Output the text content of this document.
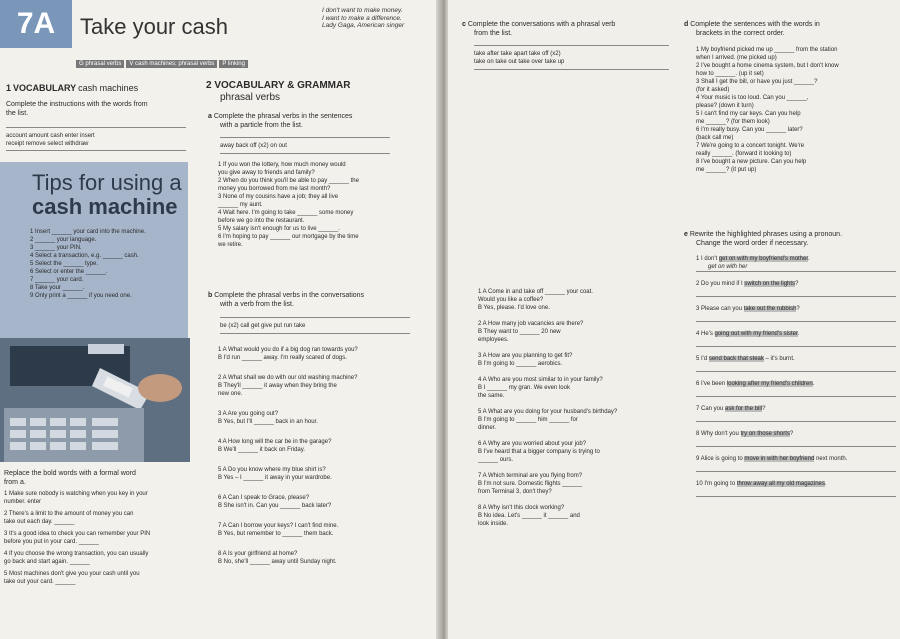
7A	Take your cash
I don't want to make money.
I want to make a difference.
Lady Gaga, American singer
G phrasal verbs V cash machines; phrasal verbs P linking
1 VOCABULARY cash machines
Complete the instructions with the words from
the list.
account amount cash enter insert
receipt remove select withdraw
Tips for using a
cash machine
1 Insert ______ your card into the machine.
2 ______ your language.
3 ______ your PIN.
4 Select a transaction, e.g. ______ cash.
5 Select the ______ type.
6 Select or enter the ______.
7 ______ your card.
8 Take your ______.
9 Only print a ______ if you need one.
Replace the bold words with a formal word
from a.
1 Make sure nobody is watching when you key in your
number. enter
2 There's a limit to the amount of money you can
take out each day. ______
3 It's a good idea to check you can remember your PIN
before you put in your card. ______
4 If you choose the wrong transaction, you can usually
go back and start again. ______
5 Most machines don't give you your cash until you
take out your card. ______
2 VOCABULARY & GRAMMAR
phrasal verbs
a Complete the phrasal verbs in the sentences
with a particle from the list.
away back off (x2) on out
1 If you won the lottery, how much money would
you give away to friends and family?
2 When do you think you'll be able to pay ______ the
money you borrowed from me last month?
3 None of my cousins have a job; they all live
______ my aunt.
4 Wait here. I'm going to take ______ some money
before we go into the restaurant.
5 My salary isn't enough for us to live ______.
6 I'm hoping to pay ______ our mortgage by the time
we retire.
b Complete the phrasal verbs in the conversations
with a verb from the list.
be (x2) call get give put run take
1 A What would you do if a big dog ran towards you?
B I'd run ______ away. I'm really scared of dogs.
2 A What shall we do with our old washing machine?
B They'll ______ it away when they bring the
new one.
3 A Are you going out?
B Yes, but I'll ______ back in an hour.
4 A How long will the car be in the garage?
B We'll ______ it back on Friday.
5 A Do you know where my blue shirt is?
B Yes – I ______ it away in your wardrobe.
6 A Can I speak to Grace, please?
B She isn't in. Can you ______ back later?
7 A Can I borrow your keys? I can't find mine.
B Yes, but remember to ______ them back.
8 A Is your girlfriend at home?
B No, she'll ______ away until Sunday night.
c Complete the conversations with a phrasal verb
from the list.
take after take apart take off (x2)
take on take out take over take up
1 A Come in and take off ______ your coat.
Would you like a coffee?
B Yes, please. I'd love one.
2 A How many job vacancies are there?
B They want to ______ 20 new
employees.
3 A How are you planning to get fit?
B I'm going to ______ aerobics.
4 A Who are you most similar to in your family?
B I ______ my gran. We even look
the same.
5 A What are you doing for your husband's birthday?
B I'm going to ______ him ______ for
dinner.
6 A Why are you worried about your job?
B I've heard that a bigger company is trying to
______ ours.
7 A Which terminal are you flying from?
B I'm not sure. Domestic flights ______
from Terminal 3, don't they?
8 A Why isn't this clock working?
B No idea. Let's ______ it ______ and
look inside.
d Complete the sentences with the words in
brackets in the correct order.
1 My boyfriend picked me up ______ from the station
when I arrived. (me picked up)
2 I've bought a home cinema system, but I don't know
how to ______. (up it set)
3 Shall I get the bill, or have you just ______?
(for it asked)
4 Your music is too loud. Can you ______,
please? (down it turn)
5 I can't find my car keys. Can you help
me ______? (for them look)
6 I'm really busy. Can you ______ later?
(back call me)
7 We're going to a concert tonight. We're
really ______. (forward it looking to)
8 I've bought a new picture. Can you help
me ______? (it put up)
e Rewrite the highlighted phrases using a pronoun.
Change the word order if necessary.
1 I don't get on with my boyfriend's mother.
get on with her
2 Do you mind if I switch on the lights?
3 Please can you take out the rubbish?
4 He's going out with my friend's sister.
5 I'd send back that steak – it's burnt.
6 I've been looking after my friend's children.
7 Can you ask for the bill?
8 Why don't you try on those shorts?
9 Alice is going to move in with her boyfriend next month.
10 I'm going to throw away all my old magazines.
